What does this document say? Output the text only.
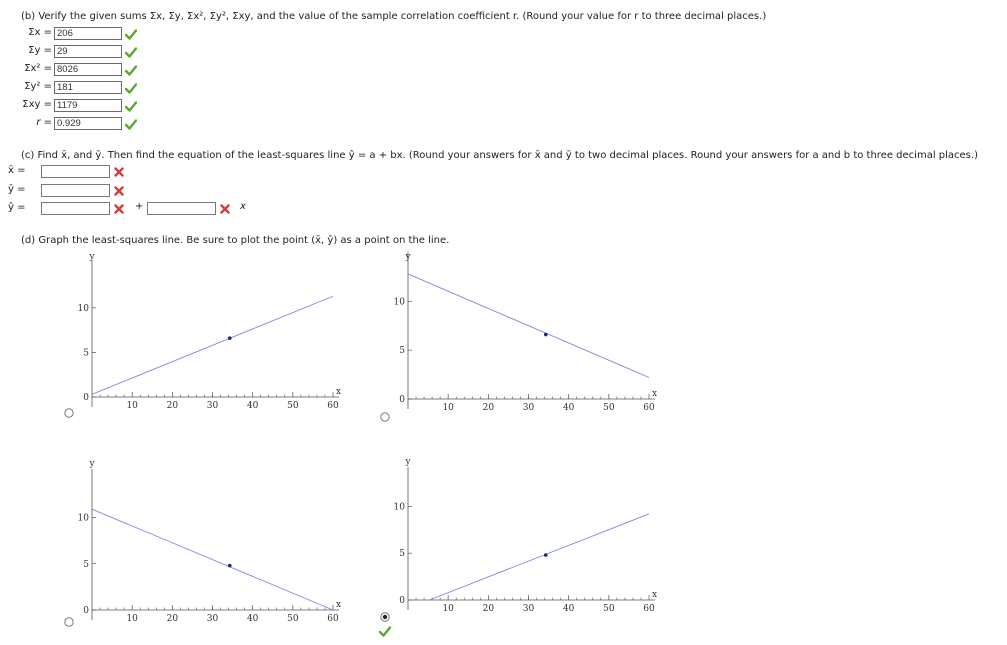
(b) Verify the given sums Σx, Σy, Σx², Σy², Σxy, and the value of the sample correlation coefficient r. (Round your value for r to three decimal places.)
Σx = 206
Σy = 29
Σx² = 8026
Σy² = 181
Σxy = 1179
r = 0.929
(c) Find x̄, and ȳ. Then find the equation of the least-squares line ŷ = a + bx. (Round your answers for x̄ and ȳ to two decimal places. Round your answers for a and b to three decimal places.)
x̄ =
ȳ =
ŷ =	+	x
(d) Graph the least-squares line. Be sure to plot the point (x̄, ȳ) as a point on the line.
10	20	30	40	50	60
0
5
10
x
y
10	20	30	40	50	60
0
5
10
x
y
10	20	30	40	50	60
0
5
10
x
y
10	20	30	40	50	60
0
5
10
x
y
